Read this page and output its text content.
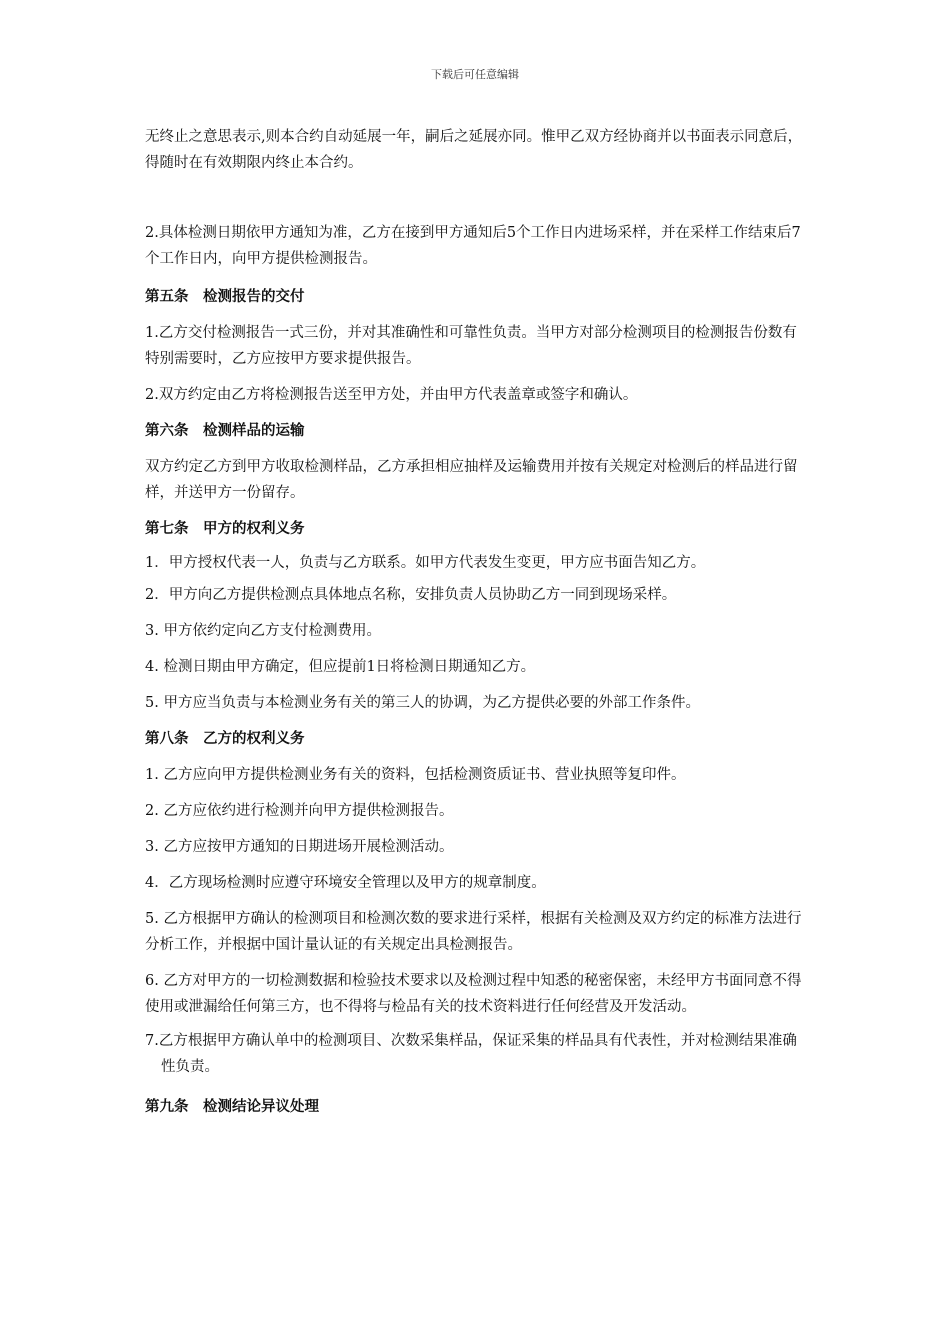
下载后可任意编辑

无终止之意思表示,则本合约自动延展一年，嗣后之延展亦同。惟甲乙双方经协商并以书面表示同意后，得随时在有效期限内终止本合约。

2.具体检测日期依甲方通知为准，乙方在接到甲方通知后5个工作日内进场采样，并在采样工作结束后7个工作日内，向甲方提供检测报告。

第五条　检测报告的交付

1.乙方交付检测报告一式三份，并对其准确性和可靠性负责。当甲方对部分检测项目的检测报告份数有特别需要时，乙方应按甲方要求提供报告。

2.双方约定由乙方将检测报告送至甲方处，并由甲方代表盖章或签字和确认。

第六条　检测样品的运输

双方约定乙方到甲方收取检测样品，乙方承担相应抽样及运输费用并按有关规定对检测后的样品进行留样，并送甲方一份留存。

第七条　甲方的权利义务

1．甲方授权代表一人，负责与乙方联系。如甲方代表发生变更，甲方应书面告知乙方。

2．甲方向乙方提供检测点具体地点名称，安排负责人员协助乙方一同到现场采样。

3. 甲方依约定向乙方支付检测费用。

4. 检测日期由甲方确定，但应提前1日将检测日期通知乙方。

5. 甲方应当负责与本检测业务有关的第三人的协调，为乙方提供必要的外部工作条件。

第八条　乙方的权利义务

1. 乙方应向甲方提供检测业务有关的资料，包括检测资质证书、营业执照等复印件。

2. 乙方应依约进行检测并向甲方提供检测报告。

3. 乙方应按甲方通知的日期进场开展检测活动。

4．乙方现场检测时应遵守环境安全管理以及甲方的规章制度。

5. 乙方根据甲方确认的检测项目和检测次数的要求进行采样，根据有关检测及双方约定的标准方法进行分析工作，并根据中国计量认证的有关规定出具检测报告。

6. 乙方对甲方的一切检测数据和检验技术要求以及检测过程中知悉的秘密保密，未经甲方书面同意不得使用或泄漏给任何第三方，也不得将与检品有关的技术资料进行任何经营及开发活动。

7.乙方根据甲方确认单中的检测项目、次数采集样品，保证采集的样品具有代表性，并对检测结果准确性负责。

第九条　检测结论异议处理
